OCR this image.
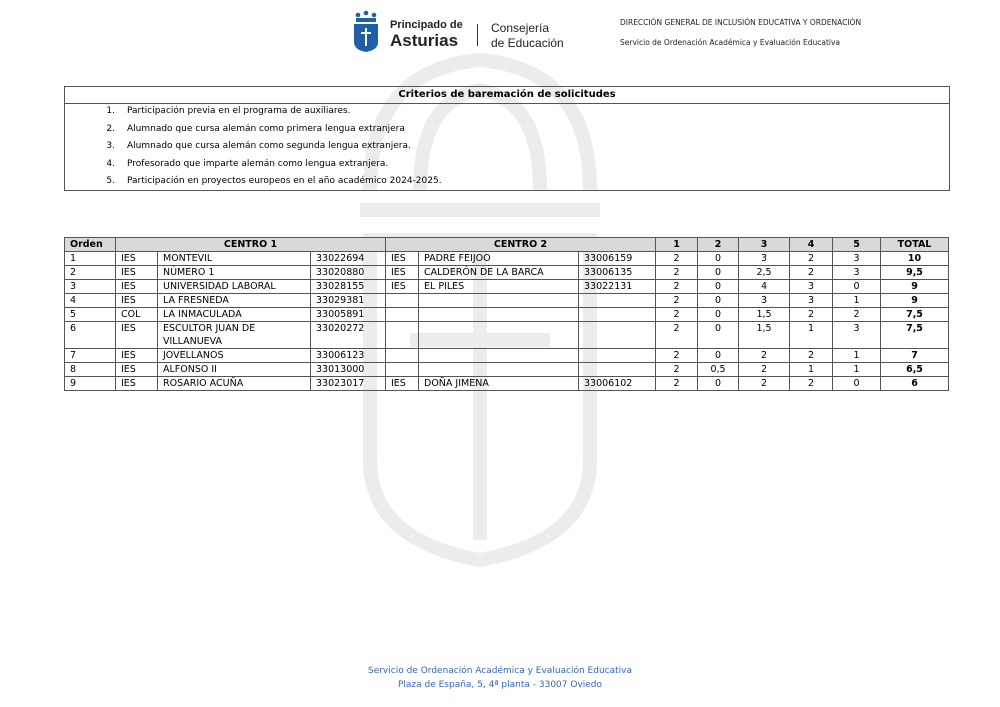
Principado de
Asturias
Consejería
de Educación
DIRECCIÓN GENERAL DE INCLUSIÓN EDUCATIVA Y ORDENACIÓN
Servicio de Ordenación Académica y Evaluación Educativa
Criterios de baremación de solicitudes
1.	Participación previa en el programa de auxiliares.
2.	Alumnado que cursa alemán como primera lengua extranjera
3.	Alumnado que cursa alemán como segunda lengua extranjera.
4.	Profesorado que imparte alemán como lengua extranjera.
5.	Participación en proyectos europeos en el año académico 2024-2025.
Orden	CENTRO 1			CENTRO 2			1	2	3	4	5	TOTAL
1	IES	MONTEVIL	33022694	IES	PADRE FEIJOO	33006159	2	0	3	2	3	10
2	IES	NÚMERO 1	33020880	IES	CALDERÓN DE LA BARCA	33006135	2	0	2,5	2	3	9,5
3	IES	UNIVERSIDAD LABORAL	33028155	IES	EL PILES	33022131	2	0	4	3	0	9
4	IES	LA FRESNEDA	33029381				2	0	3	3	1	9
5	COL	LA INMACULADA	33005891				2	0	1,5	2	2	7,5
6	IES	ESCULTOR JUAN DE VILLANUEVA	33020272				2	0	1,5	1	3	7,5
7	IES	JOVELLANOS	33006123				2	0	2	2	1	7
8	IES	ALFONSO II	33013000				2	0,5	2	1	1	6,5
9	IES	ROSARIO ACUÑA	33023017	IES	DOÑA JIMENA	33006102	2	0	2	2	0	6
Servicio de Ordenación Académica y Evaluación Educativa
Plaza de España, 5, 4ª planta - 33007 Oviedo
